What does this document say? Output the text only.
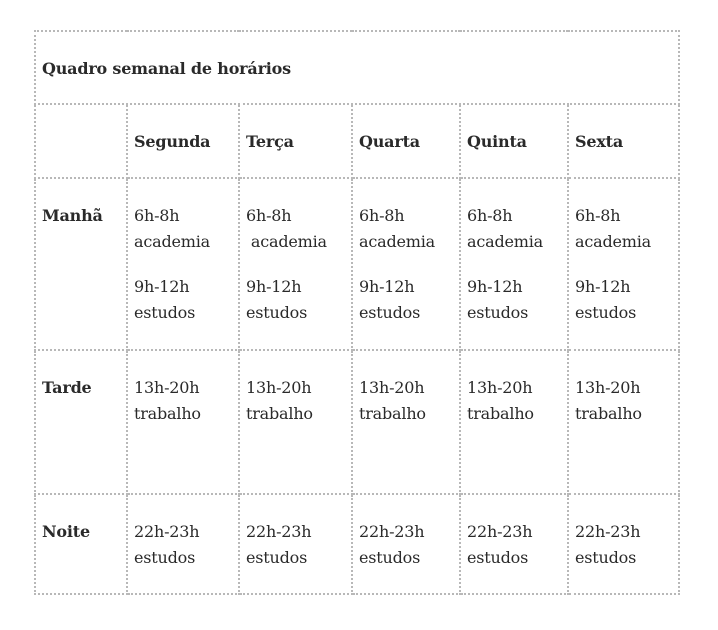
Quadro semanal de horários					
	Segunda	Terça	Quarta	Quinta	Sexta
Manhã	6h-8h
academia
9h-12h
estudos	6h-8h
academia
9h-12h
estudos	6h-8h
academia
9h-12h
estudos	6h-8h
academia
9h-12h
estudos	6h-8h
academia
9h-12h
estudos

Tarde	13h-20h
trabalho	13h-20h
trabalho	13h-20h
trabalho	13h-20h
trabalho	13h-20h
trabalho

Noite	22h-23h
estudos	22h-23h
estudos	22h-23h
estudos	22h-23h
estudos	22h-23h
estudos
